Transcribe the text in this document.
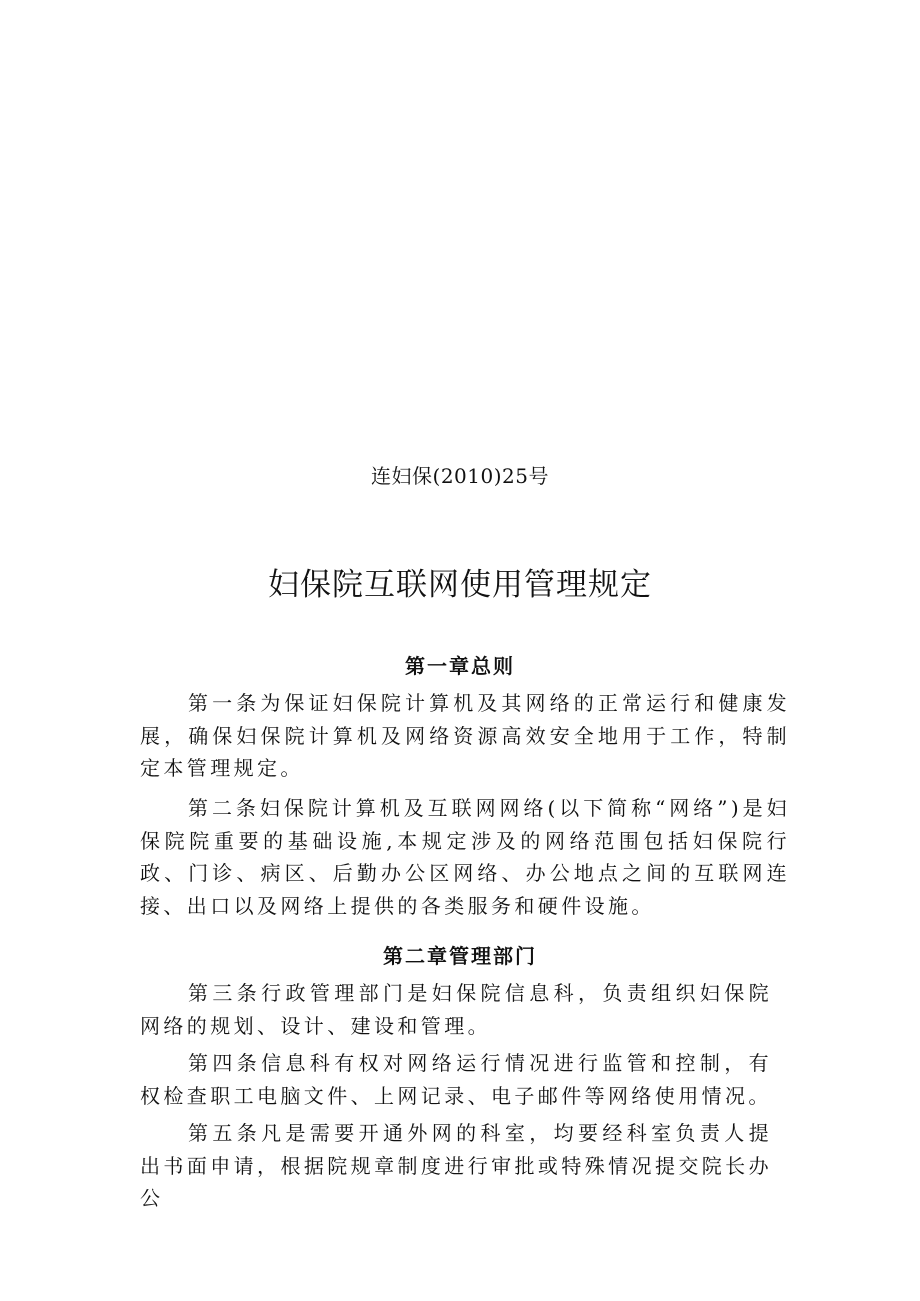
连妇保(2010)25号
妇保院互联网使用管理规定
第一章总则

第一条为保证妇保院计算机及其网络的正常运行和健康发展，确保妇保院计算机及网络资源高效安全地用于工作，特制定本管理规定。

第二条妇保院计算机及互联网网络(以下简称“网络”)是妇保院院重要的基础设施,本规定涉及的网络范围包括妇保院行政、门诊、病区、后勤办公区网络、办公地点之间的互联网连接、出口以及网络上提供的各类服务和硬件设施。

第二章管理部门

第三条行政管理部门是妇保院信息科，负责组织妇保院网络的规划、设计、建设和管理。

第四条信息科有权对网络运行情况进行监管和控制，有权检查职工电脑文件、上网记录、电子邮件等网络使用情况。

第五条凡是需要开通外网的科室，均要经科室负责人提出书面申请，根据院规章制度进行审批或特殊情况提交院长办公
